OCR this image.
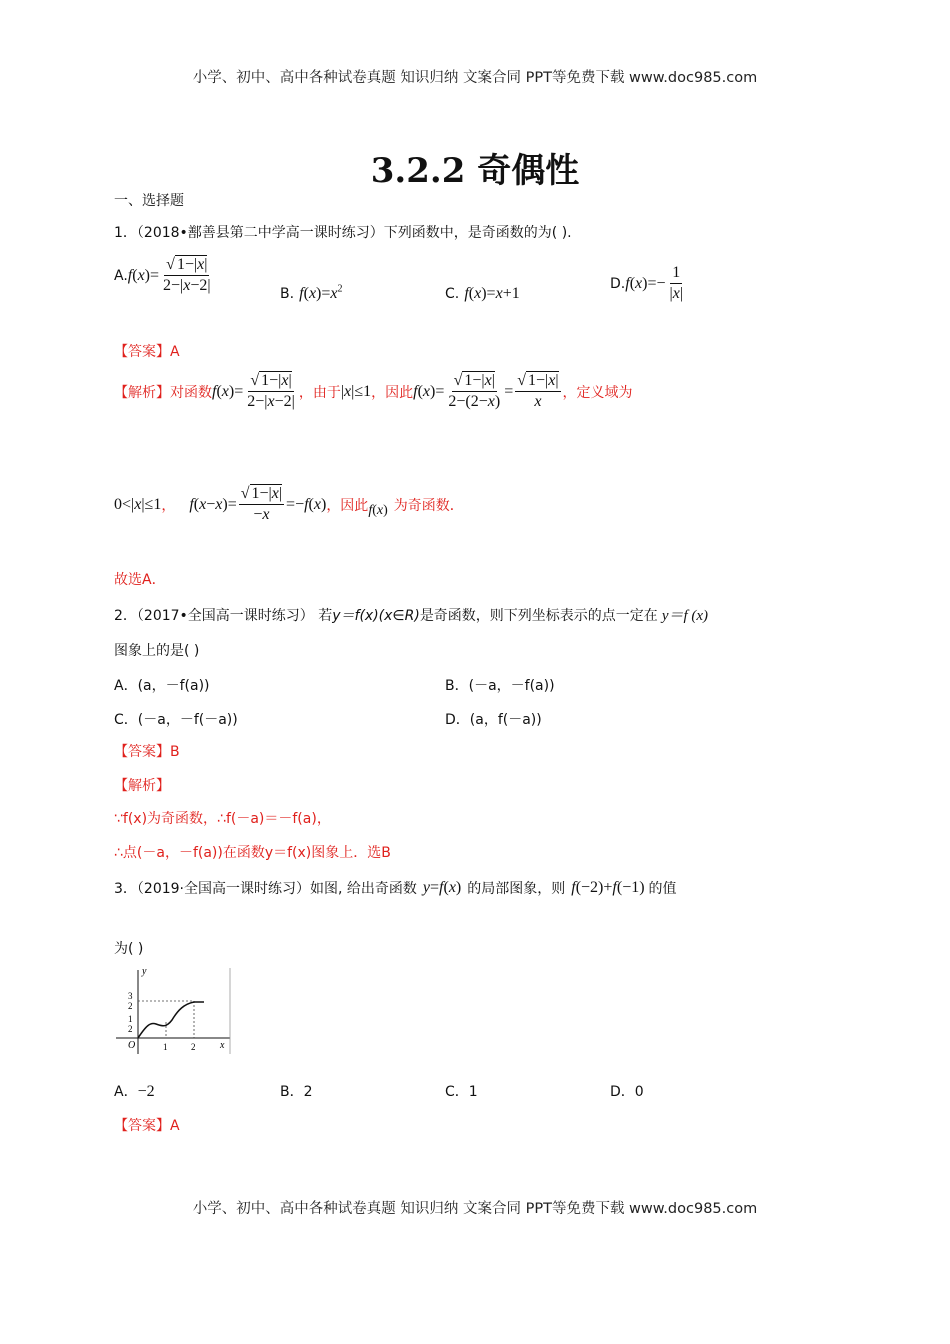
小学、初中、高中各种试卷真题 知识归纳 文案合同 PPT等免费下载 www.doc985.com
3.2.2 奇偶性
一、选择题
1．（2018•鄯善县第二中学高一课时练习）下列函数中，是奇函数的为( ).
A. f ( x )= $\frac{√ 1-|x|}{2-|x-2|}$	B. $f(x)=x^2$	C. f(x)=x+1
D. f ( x )=− $\frac{1}{|x|}$
【答案】A
【解析】对函数 f ( x )= $\frac{√ 1-|x|}{2-|x-2|}$ ，由于 |x|≤1 ，因此 f ( x )= $\frac{√ 1-|x|}{2-(2-x)} = \frac{√ 1-|x|}{x}$ ，定义域为
0<|x|≤1 ， f ( x − x )= $\frac{√ 1-|x|}{-x} =- f$ ( x ) ，因此 f (x) 为奇函数．
故选A．
2．（2017•全国高一课时练习） 若y＝f(x)(x∈R)是奇函数，则下列坐标表示的点一定在 y＝f (x)
图象上的是( )
A．(a，－f(a))	B．(－a，－f(a))
C．(－a，－f(－a))	D．(a，f(－a))
【答案】B
【解析】
∵f(x)为奇函数，∴f(－a)＝－f(a)，
∴点(－a，－f(a))在函数y＝f(x)图象上．选B
3．（2019·全国高一课时练习）如图, 给出奇函数 y = f ( x ) 的局部图象，则 f (−2)+ f (−1) 的值
为( )
y
x
O
3
2
1
2
1	2
A．−2	B．2	C．1	D．0
【答案】A
小学、初中、高中各种试卷真题 知识归纳 文案合同 PPT等免费下载 www.doc985.com
